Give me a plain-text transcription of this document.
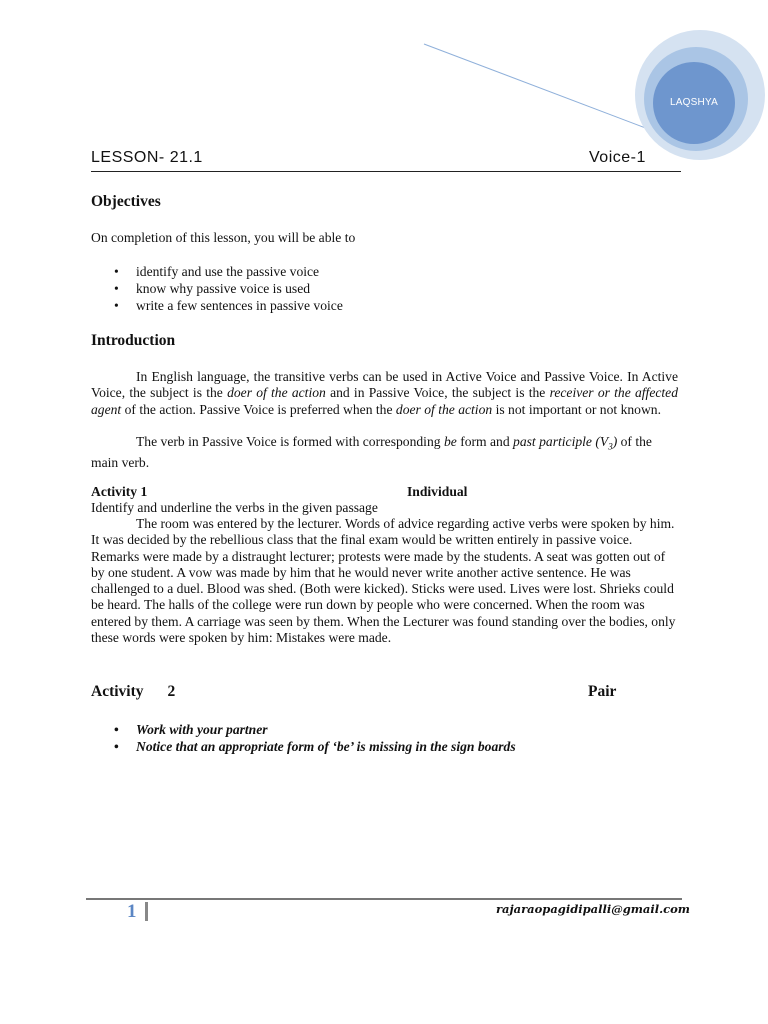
LAQSHYA
LESSON- 21.1	Voice-1
Objectives
On completion of this lesson, you will be able to
• identify and use the passive voice
• know why passive voice is used
• write a few sentences in passive voice
Introduction
In English language, the transitive verbs can be used in Active Voice and Passive Voice. In Active Voice, the subject is the doer of the action and in Passive Voice, the subject is the receiver or the affected agent of the action. Passive Voice is preferred when the doer of the action is not important or not known.
The verb in Passive Voice is formed with corresponding be form and past participle $(V_3)$ of the main verb.
Activity 1	Individual
Identify and underline the verbs in the given passage
The room was entered by the lecturer. Words of advice regarding active verbs were spoken by him. It was decided by the rebellious class that the final exam would be written entirely in passive voice. Remarks were made by a distraught lecturer; protests were made by the students. A seat was gotten out of by one student. A vow was made by him that he would never write another active sentence. He was challenged to a duel. Blood was shed. (Both were kicked). Sticks were used. Lives were lost. Shrieks could be heard. The halls of the college were run down by people who were concerned. When the room was entered by them. A carriage was seen by them. When the Lecturer was found standing over the bodies, only these words were spoken by him: Mistakes were made.
Activity 2	Pair
• Work with your partner
• Notice that an appropriate form of ‘be’ is missing in the sign boards
1	rajaraopagidipalli@gmail.com
